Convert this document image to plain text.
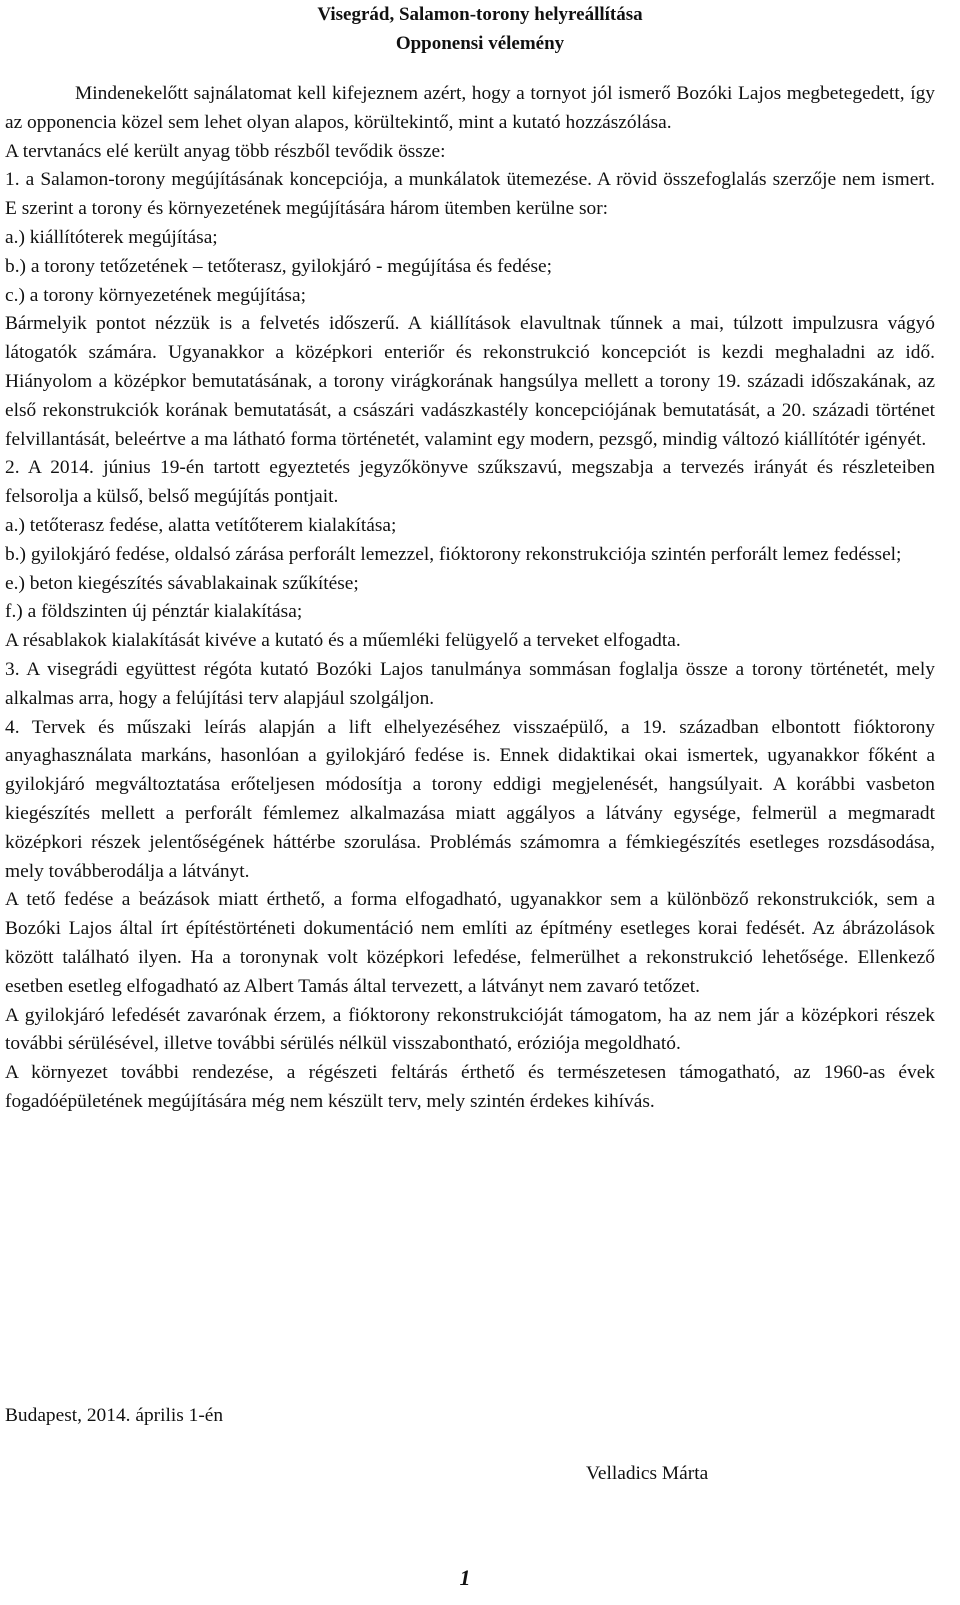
Visegrád, Salamon-torony helyreállítása
Opponensi vélemény

Mindenekelőtt sajnálatomat kell kifejeznem azért, hogy a tornyot jól ismerő Bozóki Lajos megbetegedett, így az opponencia közel sem lehet olyan alapos, körültekintő, mint a kutató hozzászólása.

A tervtanács elé került anyag több részből tevődik össze:

1. a Salamon-torony megújításának koncepciója, a munkálatok ütemezése. A rövid összefoglalás szerzője nem ismert. E szerint a torony és környezetének megújítására három ütemben kerülne sor:

a.) kiállítóterek megújítása;

b.) a torony tetőzetének – tetőterasz, gyilokjáró - megújítása és fedése;

c.) a torony környezetének megújítása;

Bármelyik pontot nézzük is a felvetés időszerű. A kiállítások elavultnak tűnnek a mai, túlzott impulzusra vágyó látogatók számára. Ugyanakkor a középkori enteriőr és rekonstrukció koncepciót is kezdi meghaladni az idő. Hiányolom a középkor bemutatásának, a torony virágkorának hangsúlya mellett a torony 19. századi időszakának, az első rekonstrukciók korának bemutatását, a császári vadászkastély koncepciójának bemutatását, a 20. századi történet felvillantását, beleértve a ma látható forma történetét, valamint egy modern, pezsgő, mindig változó kiállítótér igényét.

2. A 2014. június 19-én tartott egyeztetés jegyzőkönyve szűkszavú, megszabja a tervezés irányát és részleteiben felsorolja a külső, belső megújítás pontjait.

a.) tetőterasz fedése, alatta vetítőterem kialakítása;

b.) gyilokjáró fedése, oldalsó zárása perforált lemezzel, fióktorony rekonstrukciója szintén perforált lemez fedéssel;

e.) beton kiegészítés sávablakainak szűkítése;

f.) a földszinten új pénztár kialakítása;

A résablakok kialakítását kivéve a kutató és a műemléki felügyelő a terveket elfogadta.

3. A visegrádi együttest régóta kutató Bozóki Lajos tanulmánya sommásan foglalja össze a torony történetét, mely alkalmas arra, hogy a felújítási terv alapjául szolgáljon.

4. Tervek és műszaki leírás alapján a lift elhelyezéséhez visszaépülő, a 19. században elbontott fióktorony anyaghasználata markáns, hasonlóan a gyilokjáró fedése is. Ennek didaktikai okai ismertek, ugyanakkor főként a gyilokjáró megváltoztatása erőteljesen módosítja a torony eddigi megjelenését, hangsúlyait. A korábbi vasbeton kiegészítés mellett a perforált fémlemez alkalmazása miatt aggályos a látvány egysége, felmerül a megmaradt középkori részek jelentőségének háttérbe szorulása. Problémás számomra a fémkiegészítés esetleges rozsdásodása, mely továbberodálja a látványt.

A tető fedése a beázások miatt érthető, a forma elfogadható, ugyanakkor sem a különböző rekonstrukciók, sem a Bozóki Lajos által írt építéstörténeti dokumentáció nem említi az építmény esetleges korai fedését. Az ábrázolások között található ilyen. Ha a toronynak volt középkori lefedése, felmerülhet a rekonstrukció lehetősége. Ellenkező esetben esetleg elfogadható az Albert Tamás által tervezett, a látványt nem zavaró tetőzet.

A gyilokjáró lefedését zavarónak érzem, a fióktorony rekonstrukcióját támogatom, ha az nem jár a középkori részek további sérülésével, illetve további sérülés nélkül visszabontható, eróziója megoldható.

A környezet további rendezése, a régészeti feltárás érthető és természetesen támogatható, az 1960-as évek fogadóépületének megújítására még nem készült terv, mely szintén érdekes kihívás.

Budapest, 2014. április 1-én
Velladics Márta
1
